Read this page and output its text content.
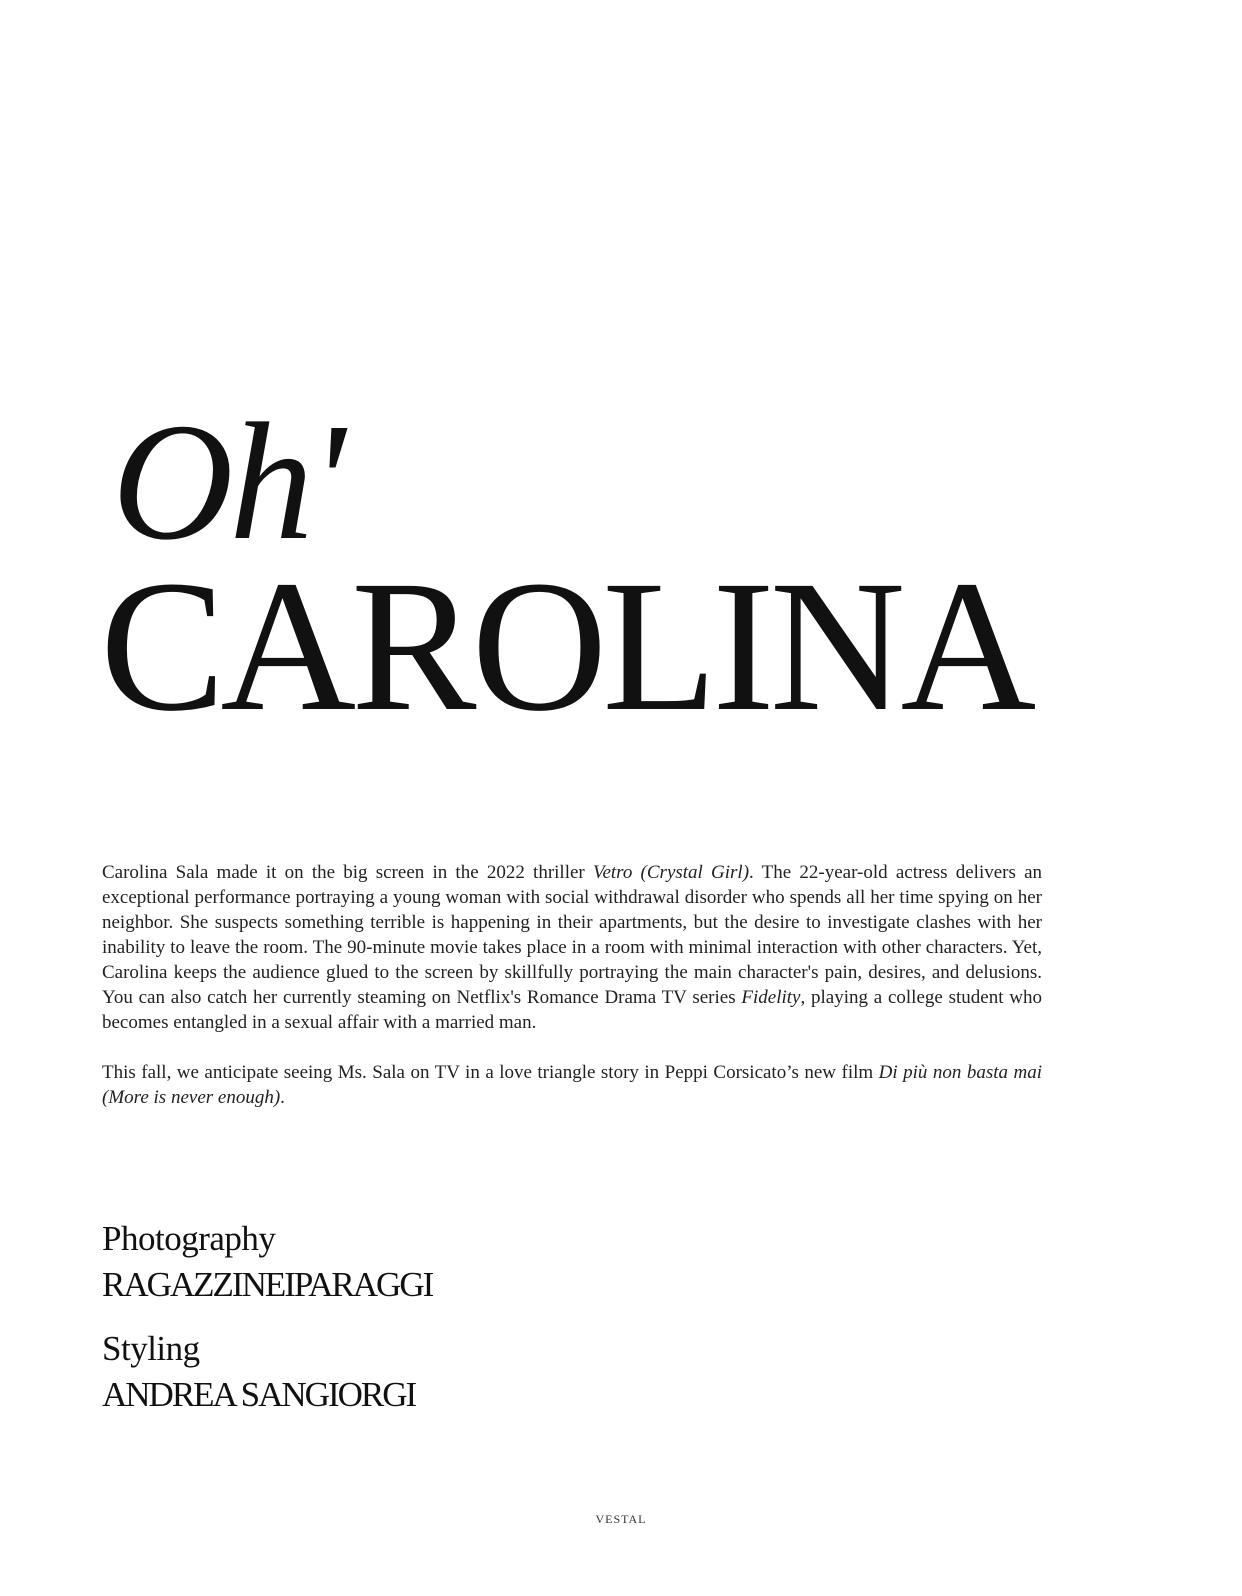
Oh'
CAROLINA

Carolina Sala made it on the big screen in the 2022 thriller Vetro (Crystal Girl). The 22-year-old actress delivers an exceptional performance portraying a young woman with social withdrawal disorder who spends all her time spying on her neighbor. She suspects something terrible is happening in their apartments, but the desire to investigate clashes with her inability to leave the room. The 90-minute movie takes place in a room with minimal interaction with other characters. Yet, Carolina keeps the audience glued to the screen by skillfully portraying the main character's pain, desires, and delusions. You can also catch her currently steaming on Netflix's Romance Drama TV series Fidelity, playing a college student who becomes entangled in a sexual affair with a married man.

This fall, we anticipate seeing Ms. Sala on TV in a love triangle story in Peppi Corsicato’s new film Di più non basta mai (More is never enough).

Photography
RAGAZZINEIPARAGGI
Styling
ANDREA SANGIORGI
VESTAL
